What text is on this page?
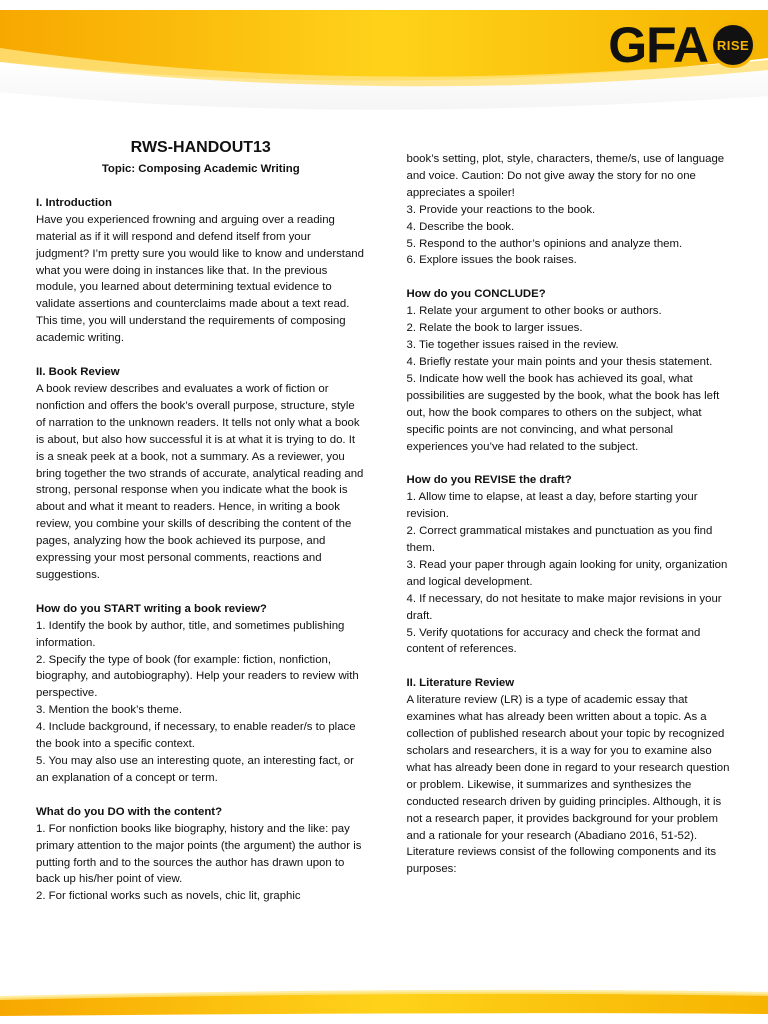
GFA RISE

RWS-HANDOUT13

Topic: Composing Academic Writing

I. Introduction

Have you experienced frowning and arguing over a reading material as if it will respond and defend itself from your judgment? I’m pretty sure you would like to know and understand what you were doing in instances like that. In the previous module, you learned about determining textual evidence to validate assertions and counterclaims made about a text read. This time, you will understand the requirements of composing academic writing.

II. Book Review

A book review describes and evaluates a work of fiction or nonfiction and offers the book’s overall purpose, structure, style of narration to the unknown readers. It tells not only what a book is about, but also how successful it is at what it is trying to do. It is a sneak peek at a book, not a summary. As a reviewer, you bring together the two strands of accurate, analytical reading and strong, personal response when you indicate what the book is about and what it meant to readers. Hence, in writing a book review, you combine your skills of describing the content of the pages, analyzing how the book achieved its purpose, and expressing your most personal comments, reactions and suggestions.

How do you START writing a book review?

1. Identify the book by author, title, and sometimes publishing information.
2. Specify the type of book (for example: fiction, nonfiction, biography, and autobiography). Help your readers to review with perspective.
3. Mention the book’s theme.
4. Include background, if necessary, to enable reader/s to place the book into a specific context.
5. You may also use an interesting quote, an interesting fact, or an explanation of a concept or term.

What do you DO with the content?

1. For nonfiction books like biography, history and the like: pay primary attention to the major points (the argument) the author is putting forth and to the sources the author has drawn upon to back up his/her point of view.
2. For fictional works such as novels, chic lit, graphic

book’s setting, plot, style, characters, theme/s, use of language and voice. Caution: Do not give away the story for no one appreciates a spoiler!

3. Provide your reactions to the book.
4. Describe the book.
5. Respond to the author’s opinions and analyze them.
6. Explore issues the book raises.

How do you CONCLUDE?

1. Relate your argument to other books or authors.
2. Relate the book to larger issues.
3. Tie together issues raised in the review.
4. Briefly restate your main points and your thesis statement.
5. Indicate how well the book has achieved its goal, what possibilities are suggested by the book, what the book has left out, how the book compares to others on the subject, what specific points are not convincing, and what personal experiences you’ve had related to the subject.

How do you REVISE the draft?

1. Allow time to elapse, at least a day, before starting your revision.
2. Correct grammatical mistakes and punctuation as you find them.
3. Read your paper through again looking for unity, organization and logical development.
4. If necessary, do not hesitate to make major revisions in your draft.
5. Verify quotations for accuracy and check the format and content of references.

II. Literature Review

A literature review (LR) is a type of academic essay that examines what has already been written about a topic. As a collection of published research about your topic by recognized scholars and researchers, it is a way for you to examine also what has already been done in regard to your research question or problem. Likewise, it summarizes and synthesizes the conducted research driven by guiding principles. Although, it is not a research paper, it provides background for your problem and a rationale for your research (Abadiano 2016, 51-52). Literature reviews consist of the following components and its purposes:
